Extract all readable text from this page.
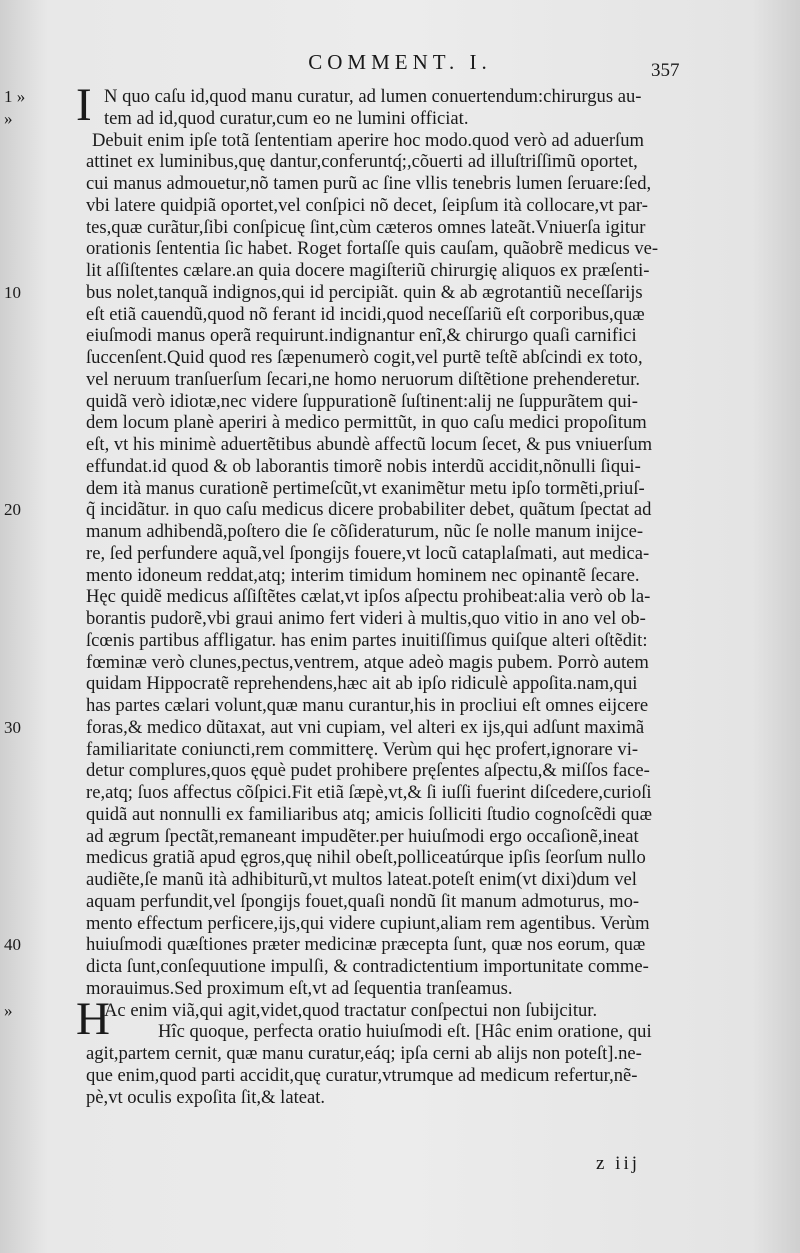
COMMENT. I.	357
1 »	I N quo caſu id,quod manu curatur, ad lumen conuertendum:chirurgus au-
»	tem ad id,quod curatur,cum eo ne lumini officiat.
Debuit enim ipſe totã ſententiam aperire hoc modo.quod verò ad aduerſum
attinet ex luminibus,quę dantur,conferuntq́;,cõuerti ad illuſtriſſimũ oportet,
cui manus admouetur,nõ tamen purũ ac ſine vllis tenebris lumen ſeruare:ſed,
vbi latere quidpiã oportet,vel conſpici nõ decet, ſeipſum ità collocare,vt par-
tes,quæ curãtur,ſibi conſpicuę ſint,cùm cæteros omnes lateãt.Vniuerſa igitur
orationis ſententia ſic habet. Roget fortaſſe quis cauſam, quãobrẽ medicus ve-
lit aſſiſtentes cælare.an quia docere magiſteriũ chirurgię aliquos ex præſenti-
10	bus nolet,tanquã indignos,qui id percipiãt. quin & ab ægrotantiũ neceſſarijs
eſt etiã cauendũ,quod nõ ferant id incidi,quod neceſſariũ eſt corporibus,quæ
eiuſmodi manus operã requirunt.indignantur enĩ,& chirurgo quaſi carnifici
ſuccenſent.Quid quod res ſæpenumerò cogit,vel purtẽ teſtẽ abſcindi ex toto,
vel neruum tranſuerſum ſecari,ne homo neruorum diſtẽtione prehenderetur.
quidã verò idiotæ,nec videre ſuppurationẽ ſuſtinent:alij ne ſuppurãtem qui-
dem locum planè aperiri à medico permittũt, in quo caſu medici propoſitum
eſt, vt his minimè aduertẽtibus abundè affectũ locum ſecet, & pus vniuerſum
effundat.id quod & ob laborantis timorẽ nobis interdũ accidit,nõnulli ſiqui-
dem ità manus curationẽ pertimeſcũt,vt exanimẽtur metu ipſo tormẽti,priuſ-
20	q̃ incidãtur. in quo caſu medicus dicere probabiliter debet, quãtum ſpectat ad
manum adhibendã,poſtero die ſe cõſideraturum, nũc ſe nolle manum inijce-
re, ſed perfundere aquã,vel ſpongijs fouere,vt locũ cataplaſmati, aut medica-
mento idoneum reddat,atq; interim timidum hominem nec opinantẽ ſecare.
Hęc quidẽ medicus aſſiſtẽtes cælat,vt ipſos aſpectu prohibeat:alia verò ob la-
borantis pudorẽ,vbi graui animo fert videri à multis,quo vitio in ano vel ob-
ſcœnis partibus affligatur. has enim partes inuitiſſimus quiſque alteri oſtẽdit:
fœminæ verò clunes,pectus,ventrem, atque adeò magis pubem. Porrò autem
quidam Hippocratẽ reprehendens,hæc ait ab ipſo ridiculè appoſita.nam,qui
has partes cælari volunt,quæ manu curantur,his in procliui eſt omnes eijcere
30	foras,& medico dũtaxat, aut vni cupiam, vel alteri ex ijs,qui adſunt maximã
familiaritate coniuncti,rem committerę. Verùm qui hęc profert,ignorare vi-
detur complures,quos ęquè pudet prohibere pręſentes aſpectu,& miſſos face-
re,atq; ſuos affectus cõſpici.Fit etiã ſæpè,vt,& ſi iuſſi fuerint diſcedere,curioſi
quidã aut nonnulli ex familiaribus atq; amicis ſolliciti ſtudio cognoſcẽdi quæ
ad ægrum ſpectãt,remaneant impudẽter.per huiuſmodi ergo occaſionẽ,ineat
medicus gratiã apud ęgros,quę nihil obeſt,polliceatúrque ipſis ſeorſum nullo
audiẽte,ſe manũ ità adhibiturũ,vt multos lateat.poteſt enim(vt dixi)dum vel
aquam perfundit,vel ſpongijs fouet,quaſi nondũ ſit manum admoturus, mo-
mento effectum perficere,ijs,qui videre cupiunt,aliam rem agentibus. Verùm
40	huiuſmodi quæſtiones præter medicinæ præcepta ſunt, quæ nos eorum, quæ
dicta ſunt,conſequutione impulſi, & contradictentium importunitate comme-
morauimus.Sed proximum eſt,vt ad ſequentia tranſeamus.
»	H
Ac enim viã,qui agit,videt,quod tractatur conſpectui non ſubijcitur.
Hîc quoque, perfecta oratio huiuſmodi eſt. [Hâc enim oratione, qui
agit,partem cernit, quæ manu curatur,eáq; ipſa cerni ab alijs non poteſt].ne-
que enim,quod parti accidit,quę curatur,vtrumque ad medicum refertur,nẽ-
pè,vt oculis expoſita ſit,& lateat.
z iij
